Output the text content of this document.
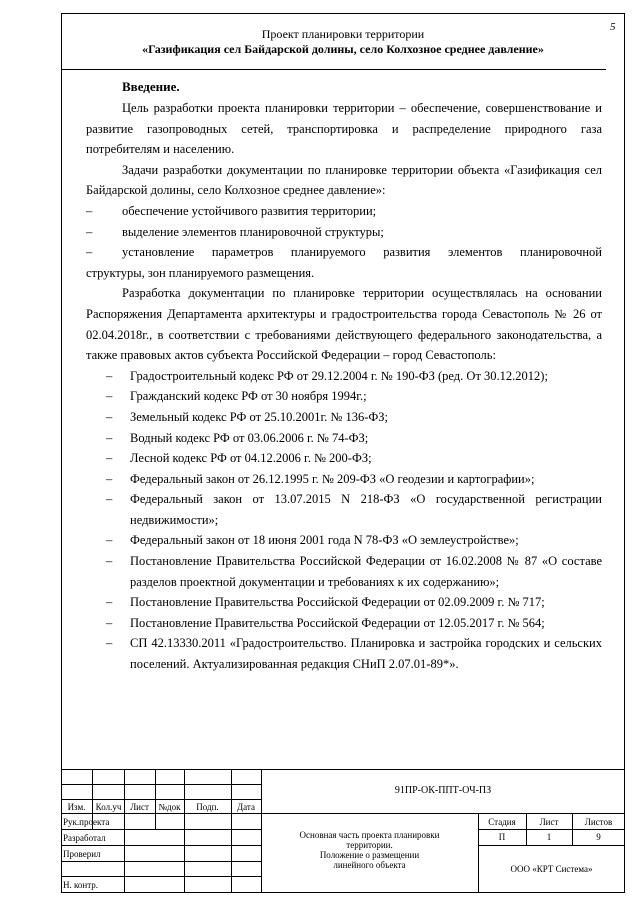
5
Проект планировки территории
«Газификация сел Байдарской долины, село Колхозное среднее давление»
Введение.

Цель разработки проекта планировки территории – обеспечение, совершенствование и развитие газопроводных сетей, транспортировка и распределение природного газа потребителям и населению.

Задачи разработки документации по планировке территории объекта «Газификация сел Байдарской долины, село Колхозное среднее давление»:

–	обеспечение устойчивого развития территории;
–	выделение элементов планировочной структуры;
–	установление параметров планируемого развития элементов планировочной
структуры, зон планируемого размещения.

Разработка документации по планировке территории осуществлялась на основании Распоряжения Департамента архитектуры и градостроительства города Севастополь № 26 от 02.04.2018г., в соответствии с требованиями действующего федерального законодательства, а также правовых актов субъекта Российской Федерации – город Севастополь:

–	Градостроительный кодекс РФ от 29.12.2004 г. № 190-ФЗ (ред. От 30.12.2012);
–	Гражданский кодекс РФ от 30 ноября 1994г.;
–	Земельный кодекс РФ от 25.10.2001г. № 136-ФЗ;
–	Водный кодекс РФ от 03.06.2006 г. № 74-ФЗ;
–	Лесной кодекс РФ от 04.12.2006 г. № 200-ФЗ;
–	Федеральный закон от 26.12.1995 г. № 209-ФЗ «О геодезии и картографии»;
–	Федеральный закон от 13.07.2015 N 218-ФЗ «О государственной регистрации недвижимости»;
–	Федеральный закон от 18 июня 2001 года N 78-ФЗ «О землеустройстве»;
–	Постановление Правительства Российской Федерации от 16.02.2008 № 87 «О составе разделов проектной документации и требованиях к их содержанию»;
–	Постановление Правительства Российской Федерации от 02.09.2009 г. № 717;
–	Постановление Правительства Российской Федерации от 12.05.2017 г. № 564;
–	СП 42.13330.2011 «Градостроительство. Планировка и застройка городских и сельских поселений. Актуализированная редакция СНиП 2.07.01-89*».
Изм.	Кол.уч Лист	№док	Подп.	Дата
91ПР-ОК-ППТ-ОЧ-ПЗ
Рук.проекта
Разработал
Проверил
Н. контр.
Основная часть проекта планировки
территории.
Положение о размещении
линейного объекта
Стадия	Лист	Листов
П	1	9
ООО «КРТ Система»
